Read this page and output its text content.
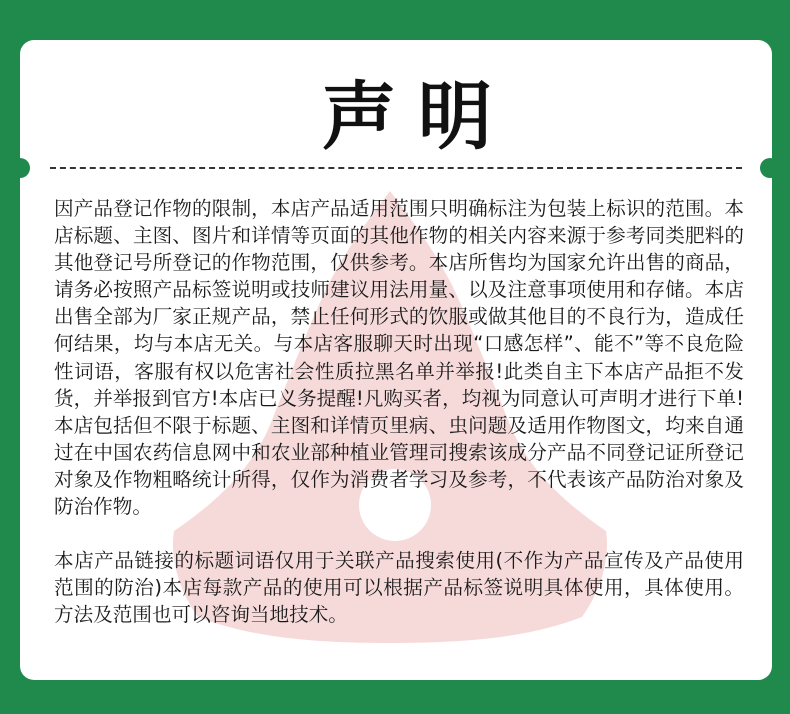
声明

因产品登记作物的限制，本店产品适用范围只明确标注为包装上标识的范围。本店标题、主图、图片和详情等页面的其他作物的相关内容来源于参考同类肥料的其他登记号所登记的作物范围，仅供参考。本店所售均为国家允许出售的商品，请务必按照产品标签说明或技师建议用法用量、以及注意事项使用和存储。本店出售全部为厂家正规产品，禁止任何形式的饮服或做其他目的不良行为，造成任何结果，均与本店无关。与本店客服聊天时出现“口感怎样”、能不”等不良危险性词语，客服有权以危害社会性质拉黑名单并举报!此类自主下本店产品拒不发货，并举报到官方!本店已义务提醒!凡购买者，均视为同意认可声明才进行下单!本店包括但不限于标题、主图和详情页里病、虫问题及适用作物图文，均来自通过在中国农药信息网中和农业部种植业管理司搜索该成分产品不同登记证所登记对象及作物粗略统计所得，仅作为消费者学习及参考，不代表该产品防治对象及防治作物。

本店产品链接的标题词语仅用于关联产品搜索使用(不作为产品宣传及产品使用范围的防治)本店每款产品的使用可以根据产品标签说明具体使用，具体使用。方法及范围也可以咨询当地技术。
